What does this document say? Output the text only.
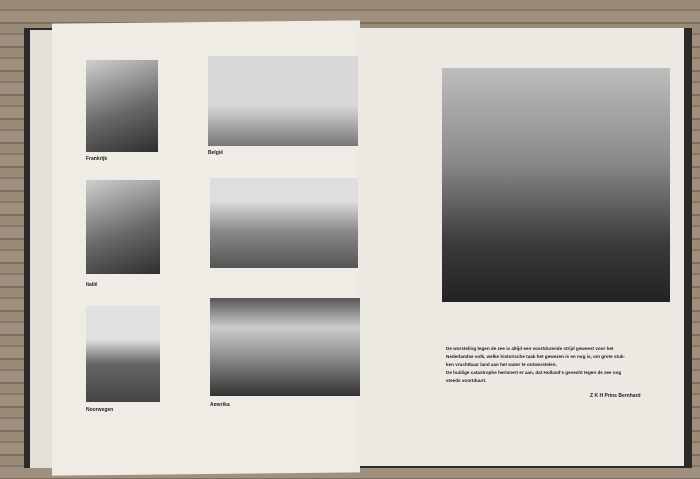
Frankrijk
België
Italië
Noorwegen
Amerika
De worsteling tegen de zee is altijd een voortdurende strijd geweest voor het
Nederlandse volk, welke historische taak het gewezen is en nog is, om grote stuk-
ken vruchtbaar land aan het water te ontworstelen.
De huidige catastrophe herinnert er aan, dat Holland's gevecht tegen de zee nog
steeds voortduurt.
Z K H Prins Bernhard
